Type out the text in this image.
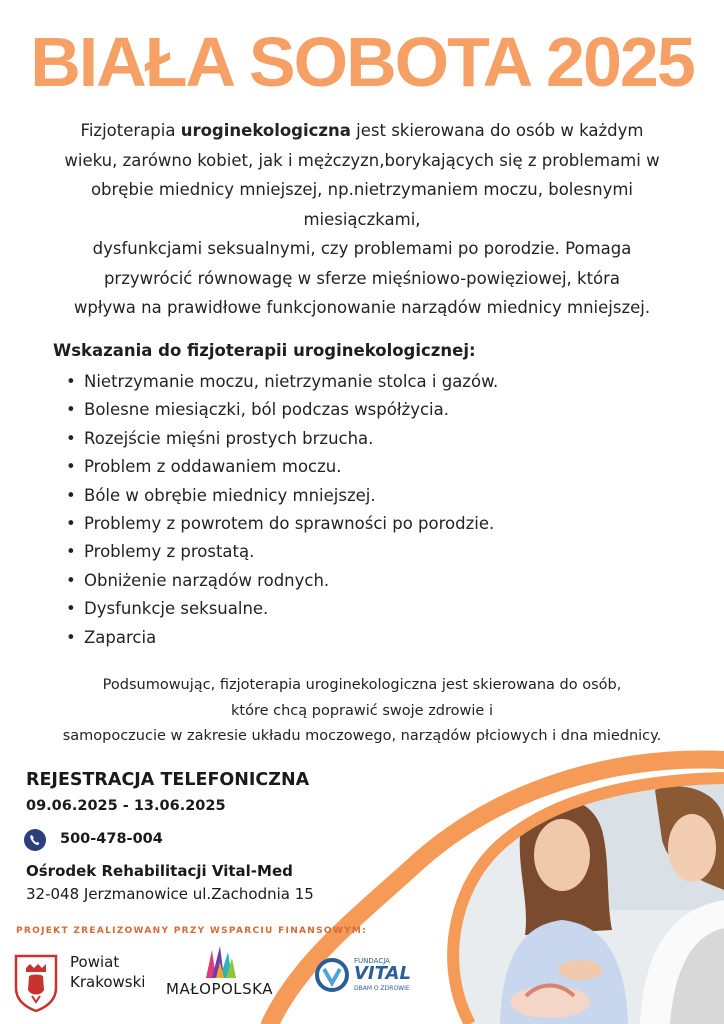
BIAŁA SOBOTA 2025
Fizjoterapia uroginekologiczna jest skierowana do osób w każdym
wieku, zarówno kobiet, jak i mężczyzn,borykających się z problemami w
obrębie miednicy mniejszej, np.nietrzymaniem moczu, bolesnymi
miesiączkami,
dysfunkcjami seksualnymi, czy problemami po porodzie. Pomaga
przywrócić równowagę w sferze mięśniowo-powięziowej, która
wpływa na prawidłowe funkcjonowanie narządów miednicy mniejszej.
Wskazania do fizjoterapii uroginekologicznej:
• Nietrzymanie moczu, nietrzymanie stolca i gazów.
• Bolesne miesiączki, ból podczas współżycia.
• Rozejście mięśni prostych brzucha.
• Problem z oddawaniem moczu.
• Bóle w obrębie miednicy mniejszej.
• Problemy z powrotem do sprawności po porodzie.
• Problemy z prostatą.
• Obniżenie narządów rodnych.
• Dysfunkcje seksualne.
• Zaparcia
Podsumowując, fizjoterapia uroginekologiczna jest skierowana do osób,
które chcą poprawić swoje zdrowie i
samopoczucie w zakresie układu moczowego, narządów płciowych i dna miednicy.
REJESTRACJA TELEFONICZNA
09.06.2025 - 13.06.2025
500-478-004
Ośrodek Rehabilitacji Vital-Med
32-048 Jerzmanowice ul.Zachodnia 15
PROJEKT ZREALIZOWANY PRZY WSPARCIU FINANSOWYM:
Powiat
Krakowski MAŁOPOLSKA
FUNDACJA
VITAL
DBAM O ZDROWIE
